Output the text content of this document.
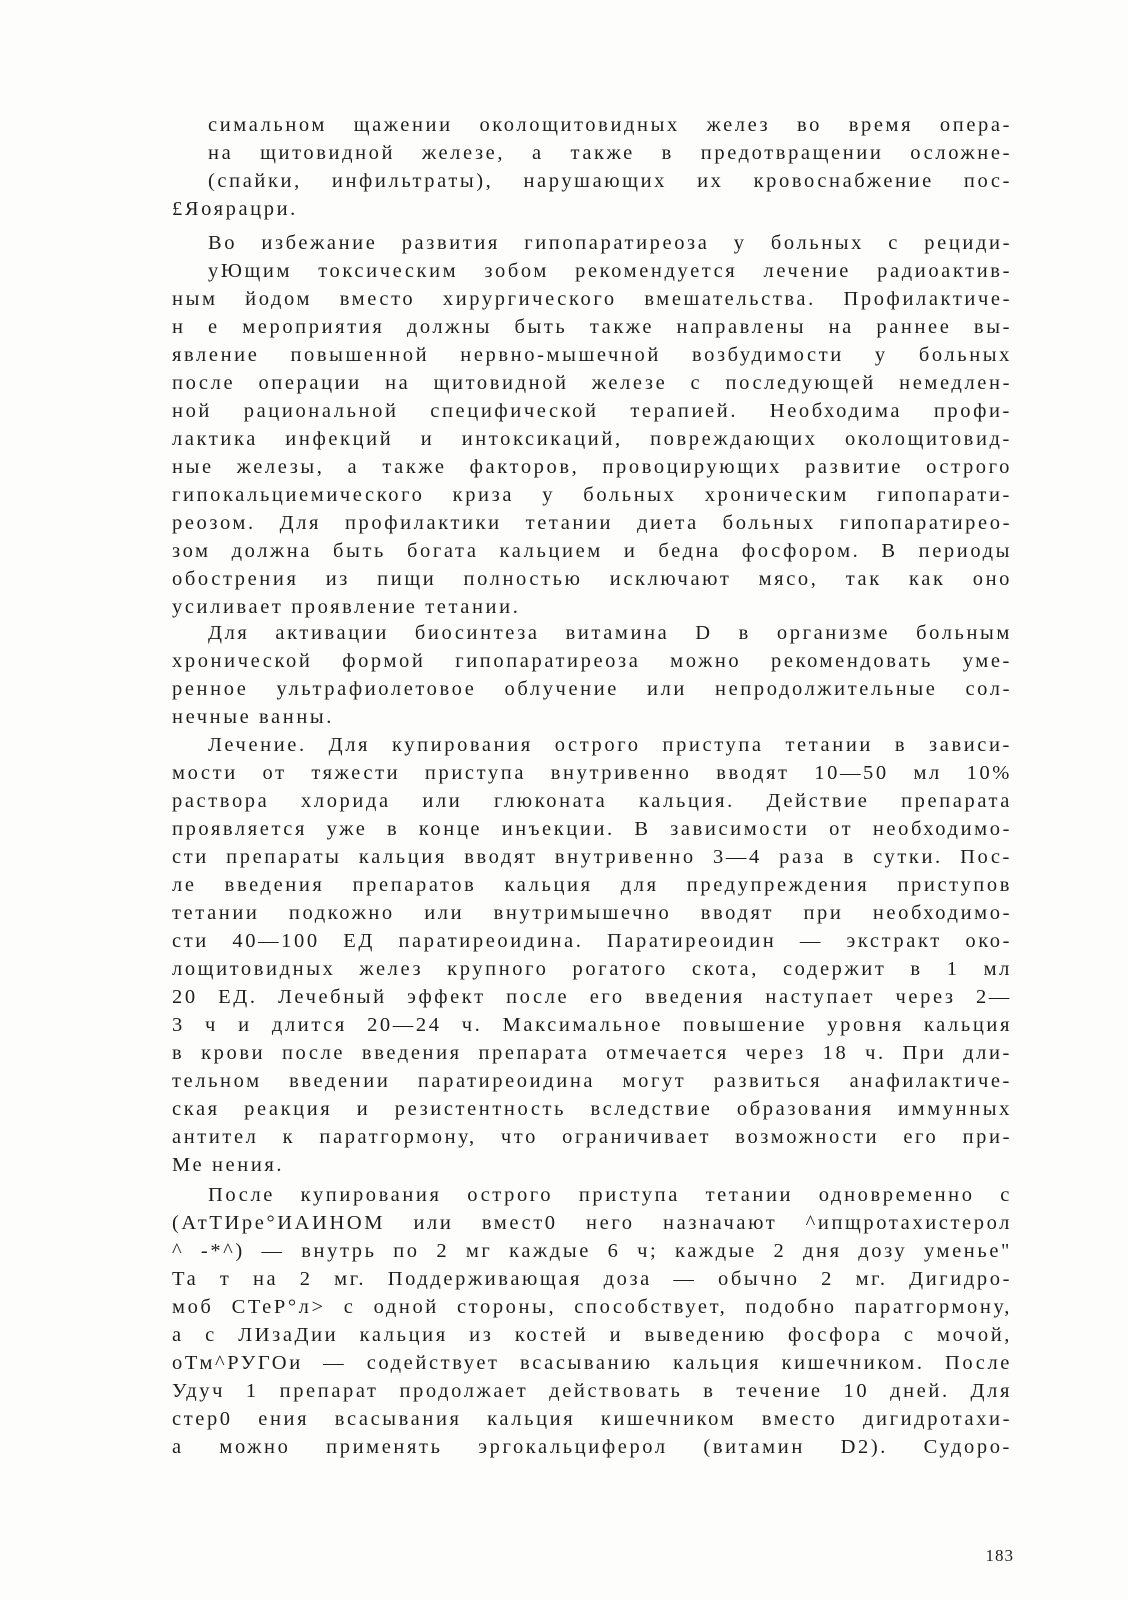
симальном щажении околощитовидных желез во время опера-
на щитовидной железе, а также в предотвращении осложне-
(спайки, инфильтраты), нарушающих их кровоснабжение пос-
£Яоярацри.
Во избежание развития гипопаратиреоза у больных с рециди-
уЮщим токсическим зобом рекомендуется лечение радиоактив-
ным йодом вместо хирургического вмешательства. Профилактиче-
н е мероприятия должны быть также направлены на раннее вы-
явление повышенной нервно-мышечной возбудимости у больных
после операции на щитовидной железе с последующей немедлен-
ной рациональной специфической терапией. Необходима профи-
лактика инфекций и интоксикаций, повреждающих околощитовид-
ные железы, а также факторов, провоцирующих развитие острого
гипокальциемического криза у больных хроническим гипопарати-
реозом. Для профилактики тетании диета больных гипопаратирео-
зом должна быть богата кальцием и бедна фосфором. В периоды
обострения из пищи полностью исключают мясо, так как оно
усиливает проявление тетании.
Для активации биосинтеза витамина D в организме больным
хронической формой гипопаратиреоза можно рекомендовать уме-
ренное ультрафиолетовое облучение или непродолжительные сол-
нечные ванны.
Лечение. Для купирования острого приступа тетании в зависи-
мости от тяжести приступа внутривенно вводят 10—50 мл 10%
раствора хлорида или глюконата кальция. Действие препарата
проявляется уже в конце инъекции. В зависимости от необходимо-
сти препараты кальция вводят внутривенно 3—4 раза в сутки. Пос-
ле введения препаратов кальция для предупреждения приступов
тетании подкожно или внутримышечно вводят при необходимо-
сти 40—100 ЕД паратиреоидина. Паратиреоидин — экстракт око-
лощитовидных желез крупного рогатого скота, содержит в 1 мл
20 ЕД. Лечебный эффект после его введения наступает через 2—
3 ч и длится 20—24 ч. Максимальное повышение уровня кальция
в крови после введения препарата отмечается через 18 ч. При дли-
тельном введении паратиреоидина могут развиться анафилактиче-
ская реакция и резистентность вследствие образования иммунных
антител к паратгормону, что ограничивает возможности его при-
Ме нения.
После купирования острого приступа тетании одновременно с
(АтТИре°ИАИНОМ или вмест0 него назначают ^ипщротахистерол
^ -*^) — внутрь по 2 мг каждые 6 ч; каждые 2 дня дозу уменье"
Та т на 2 мг. Поддерживающая доза — обычно 2 мг. Дигидро-
моб СТеР°л> с одной стороны, способствует, подобно паратгормону,
а с ЛИзаДии кальция из костей и выведению фосфора с мочой,
оТм^РУГОи — содействует всасыванию кальция кишечником. После
Удуч 1 препарат продолжает действовать в течение 10 дней. Для
стер0 ения всасывания кальция кишечником вместо дигидротахи-
а можно применять эргокальциферол (витамин D2). Судоро-
183
